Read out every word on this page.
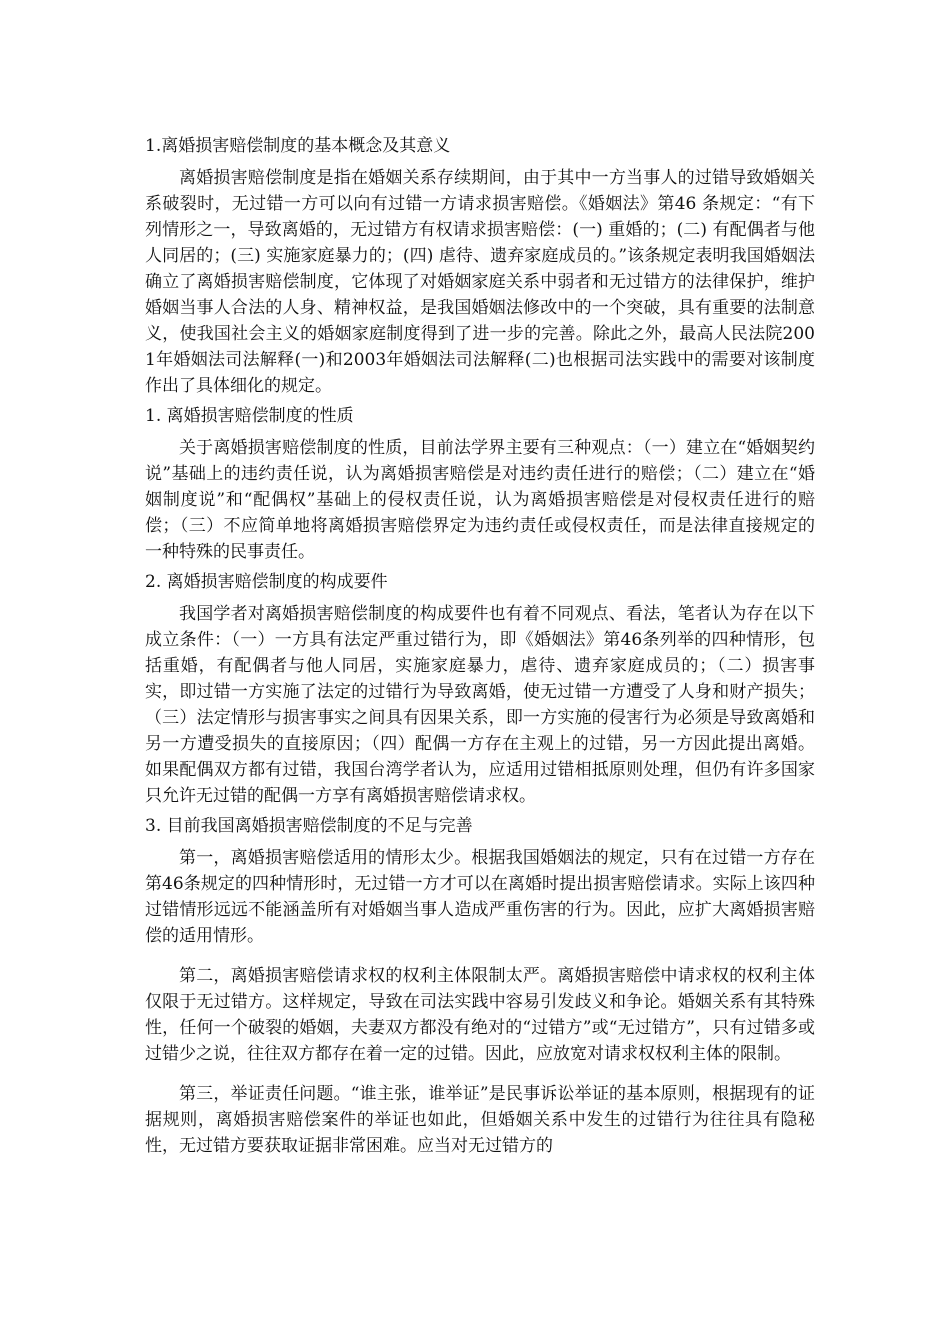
1.离婚损害赔偿制度的基本概念及其意义

离婚损害赔偿制度是指在婚姻关系存续期间，由于其中一方当事人的过错导致婚姻关系破裂时，无过错一方可以向有过错一方请求损害赔偿。《婚姻法》第46 条规定：“有下列情形之一，导致离婚的，无过错方有权请求损害赔偿：(一) 重婚的；(二) 有配偶者与他人同居的；(三) 实施家庭暴力的；(四) 虐待、遗弃家庭成员的。”该条规定表明我国婚姻法确立了离婚损害赔偿制度，它体现了对婚姻家庭关系中弱者和无过错方的法律保护，维护婚姻当事人合法的人身、精神权益，是我国婚姻法修改中的一个突破，具有重要的法制意义，使我国社会主义的婚姻家庭制度得到了进一步的完善。除此之外，最高人民法院2001年婚姻法司法解释(一)和2003年婚姻法司法解释(二)也根据司法实践中的需要对该制度作出了具体细化的规定。

1. 离婚损害赔偿制度的性质

关于离婚损害赔偿制度的性质，目前法学界主要有三种观点：（一）建立在“婚姻契约说”基础上的违约责任说，认为离婚损害赔偿是对违约责任进行的赔偿；（二）建立在“婚姻制度说”和“配偶权”基础上的侵权责任说，认为离婚损害赔偿是对侵权责任进行的赔偿；（三）不应简单地将离婚损害赔偿界定为违约责任或侵权责任，而是法律直接规定的一种特殊的民事责任。

2. 离婚损害赔偿制度的构成要件

我国学者对离婚损害赔偿制度的构成要件也有着不同观点、看法，笔者认为存在以下成立条件：（一）一方具有法定严重过错行为，即《婚姻法》第46条列举的四种情形，包括重婚，有配偶者与他人同居，实施家庭暴力，虐待、遗弃家庭成员的；（二）损害事实，即过错一方实施了法定的过错行为导致离婚，使无过错一方遭受了人身和财产损失；（三）法定情形与损害事实之间具有因果关系，即一方实施的侵害行为必须是导致离婚和另一方遭受损失的直接原因；（四）配偶一方存在主观上的过错，另一方因此提出离婚。如果配偶双方都有过错，我国台湾学者认为，应适用过错相抵原则处理，但仍有许多国家只允许无过错的配偶一方享有离婚损害赔偿请求权。

3. 目前我国离婚损害赔偿制度的不足与完善

第一，离婚损害赔偿适用的情形太少。根据我国婚姻法的规定，只有在过错一方存在第46条规定的四种情形时，无过错一方才可以在离婚时提出损害赔偿请求。实际上该四种过错情形远远不能涵盖所有对婚姻当事人造成严重伤害的行为。因此，应扩大离婚损害赔偿的适用情形。

第二，离婚损害赔偿请求权的权利主体限制太严。离婚损害赔偿中请求权的权利主体仅限于无过错方。这样规定，导致在司法实践中容易引发歧义和争论。婚姻关系有其特殊性，任何一个破裂的婚姻，夫妻双方都没有绝对的“过错方”或“无过错方”，只有过错多或过错少之说，往往双方都存在着一定的过错。因此，应放宽对请求权权利主体的限制。

第三，举证责任问题。“谁主张，谁举证”是民事诉讼举证的基本原则，根据现有的证据规则，离婚损害赔偿案件的举证也如此，但婚姻关系中发生的过错行为往往具有隐秘性，无过错方要获取证据非常困难。应当对无过错方的
